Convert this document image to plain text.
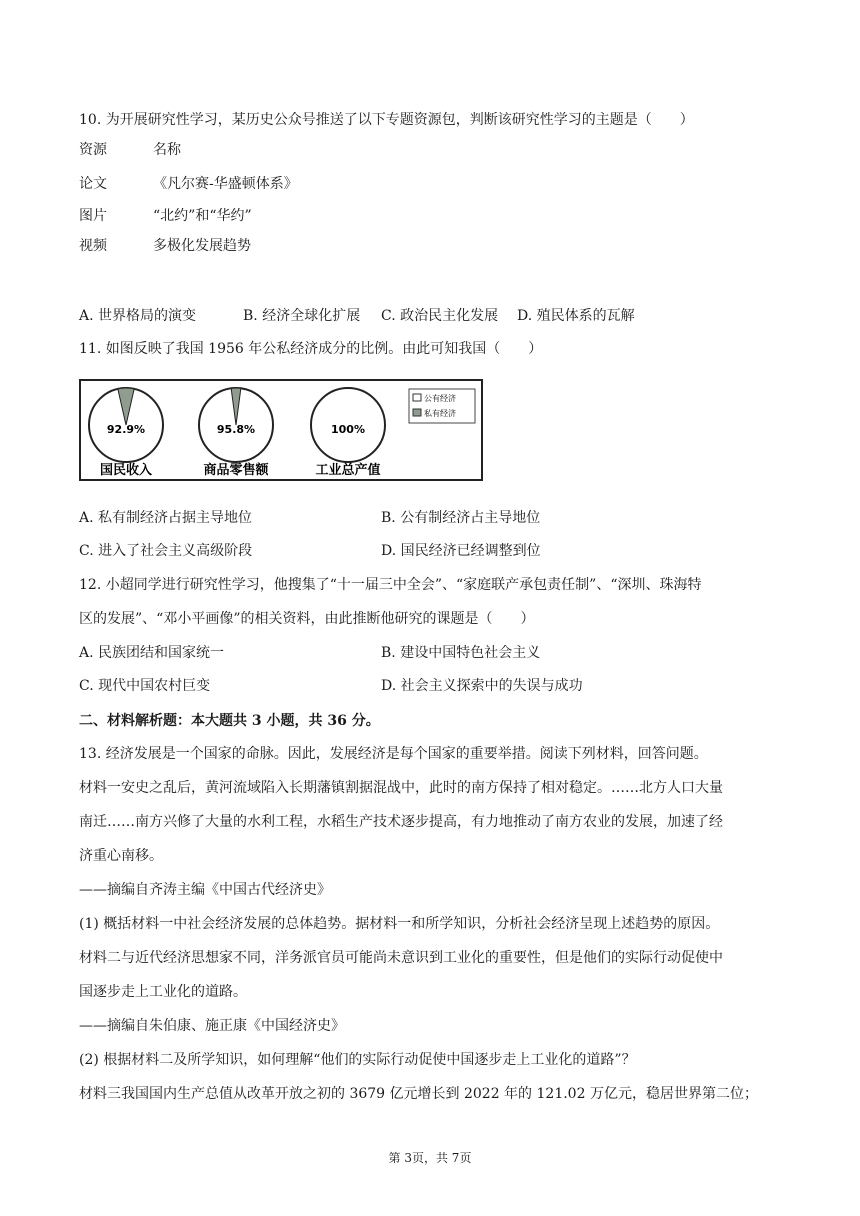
10. 为开展研究性学习，某历史公众号推送了以下专题资源包，判断该研究性学习的主题是（　　）
资源	名称
论文	《凡尔赛-华盛顿体系》
图片	“北约”和“华约”
视频	多极化发展趋势
A. 世界格局的演变	B. 经济全球化扩展 C. 政治民主化发展 D. 殖民体系的瓦解
11. 如图反映了我国 1956 年公私经济成分的比例。由此可知我国（　　）
92.9%
国民收入
95.8%
商品零售额
100%
工业总产值
公有经济
私有经济
A. 私有制经济占据主导地位	B. 公有制经济占主导地位
C. 进入了社会主义高级阶段	D. 国民经济已经调整到位
12. 小超同学进行研究性学习，他搜集了“十一届三中全会”、“家庭联产承包责任制”、“深圳、珠海特
区的发展”、“邓小平画像”的相关资料，由此推断他研究的课题是（　　）
A. 民族团结和国家统一	B. 建设中国特色社会主义
C. 现代中国农村巨变	D. 社会主义探索中的失误与成功
二、材料解析题：本大题共 3 小题，共 36 分。
13. 经济发展是一个国家的命脉。因此，发展经济是每个国家的重要举措。阅读下列材料，回答问题。
材料一安史之乱后，黄河流域陷入长期藩镇割据混战中，此时的南方保持了相对稳定。……北方人口大量
南迁……南方兴修了大量的水利工程，水稻生产技术逐步提高，有力地推动了南方农业的发展，加速了经
济重心南移。
——摘编自齐涛主编《中国古代经济史》
(1) 概括材料一中社会经济发展的总体趋势。据材料一和所学知识，分析社会经济呈现上述趋势的原因。
材料二与近代经济思想家不同，洋务派官员可能尚未意识到工业化的重要性，但是他们的实际行动促使中
国逐步走上工业化的道路。
——摘编自朱伯康、施正康《中国经济史》
(2) 根据材料二及所学知识，如何理解“他们的实际行动促使中国逐步走上工业化的道路”？
材料三我国国内生产总值从改革开放之初的 3679 亿元增长到 2022 年的 121.02 万亿元，稳居世界第二位；
第 3页，共 7页
